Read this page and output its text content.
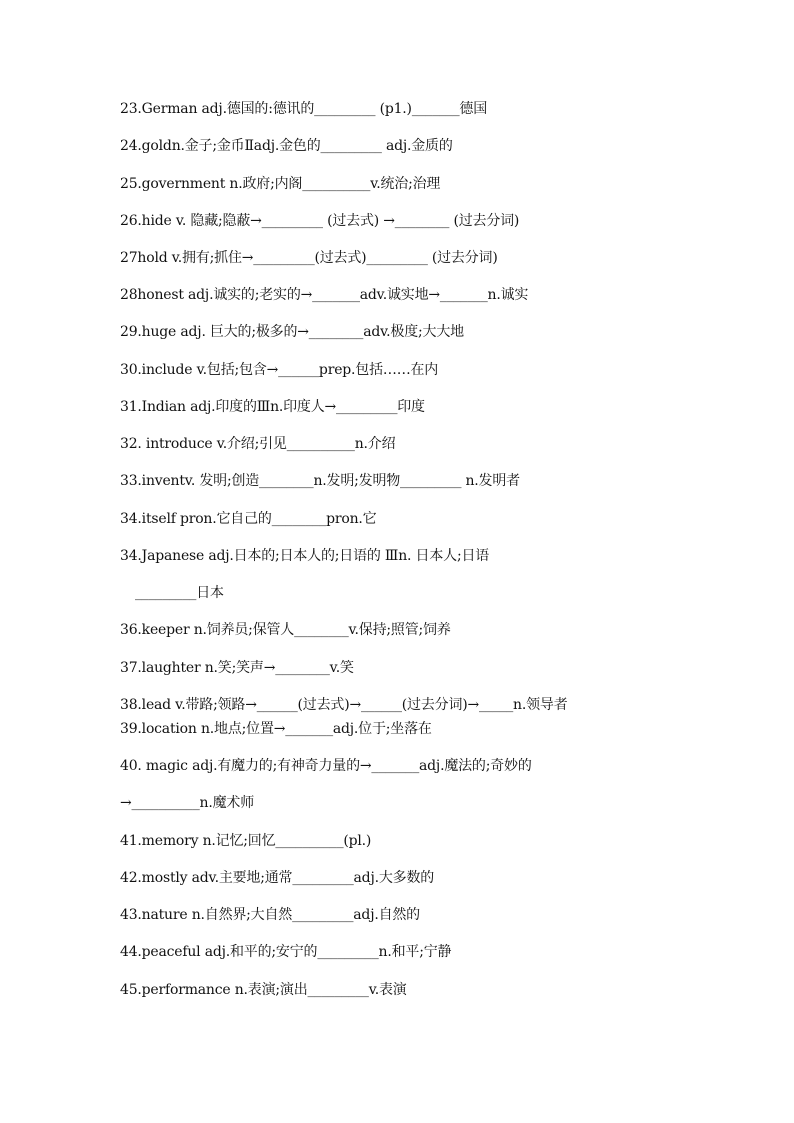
23.German adj.德国的:德讯的_________ (p1.)_______德国
24.goldn.金子;金币Ⅱadj.金色的_________ adj.金质的
25.government n.政府;内阁__________v.统治;治理
26.hide v. 隐藏;隐蔽→_________ (过去式) →________ (过去分词)
27hold v.拥有;抓住→_________(过去式)_________ (过去分词)
28honest adj.诚实的;老实的→_______adv.诚实地→_______n.诚实
29.huge adj. 巨大的;极多的→________adv.极度;大大地
30.include v.包括;包含→______prep.包括……在内
31.Indian adj.印度的Ⅲn.印度人→_________印度
32. introduce v.介绍;引见__________n.介绍
33.inventv. 发明;创造________n.发明;发明物_________ n.发明者
34.itself pron.它自己的________pron.它
34.Japanese adj.日本的;日本人的;日语的 Ⅲn. 日本人;日语
_________日本
36.keeper n.饲养员;保管人________v.保持;照管;饲养
37.laughter n.笑;笑声→________v.笑
38.lead v.带路;领路→______(过去式)→______(过去分词)→_____n.领导者
39.location n.地点;位置→_______adj.位于;坐落在
40. magic adj.有魔力的;有神奇力量的→_______adj.魔法的;奇妙的
→__________n.魔术师
41.memory n.记忆;回忆__________(pl.)
42.mostly adv.主要地;通常_________adj.大多数的
43.nature n.自然界;大自然_________adj.自然的
44.peaceful adj.和平的;安宁的_________n.和平;宁静
45.performance n.表演;演出_________v.表演
